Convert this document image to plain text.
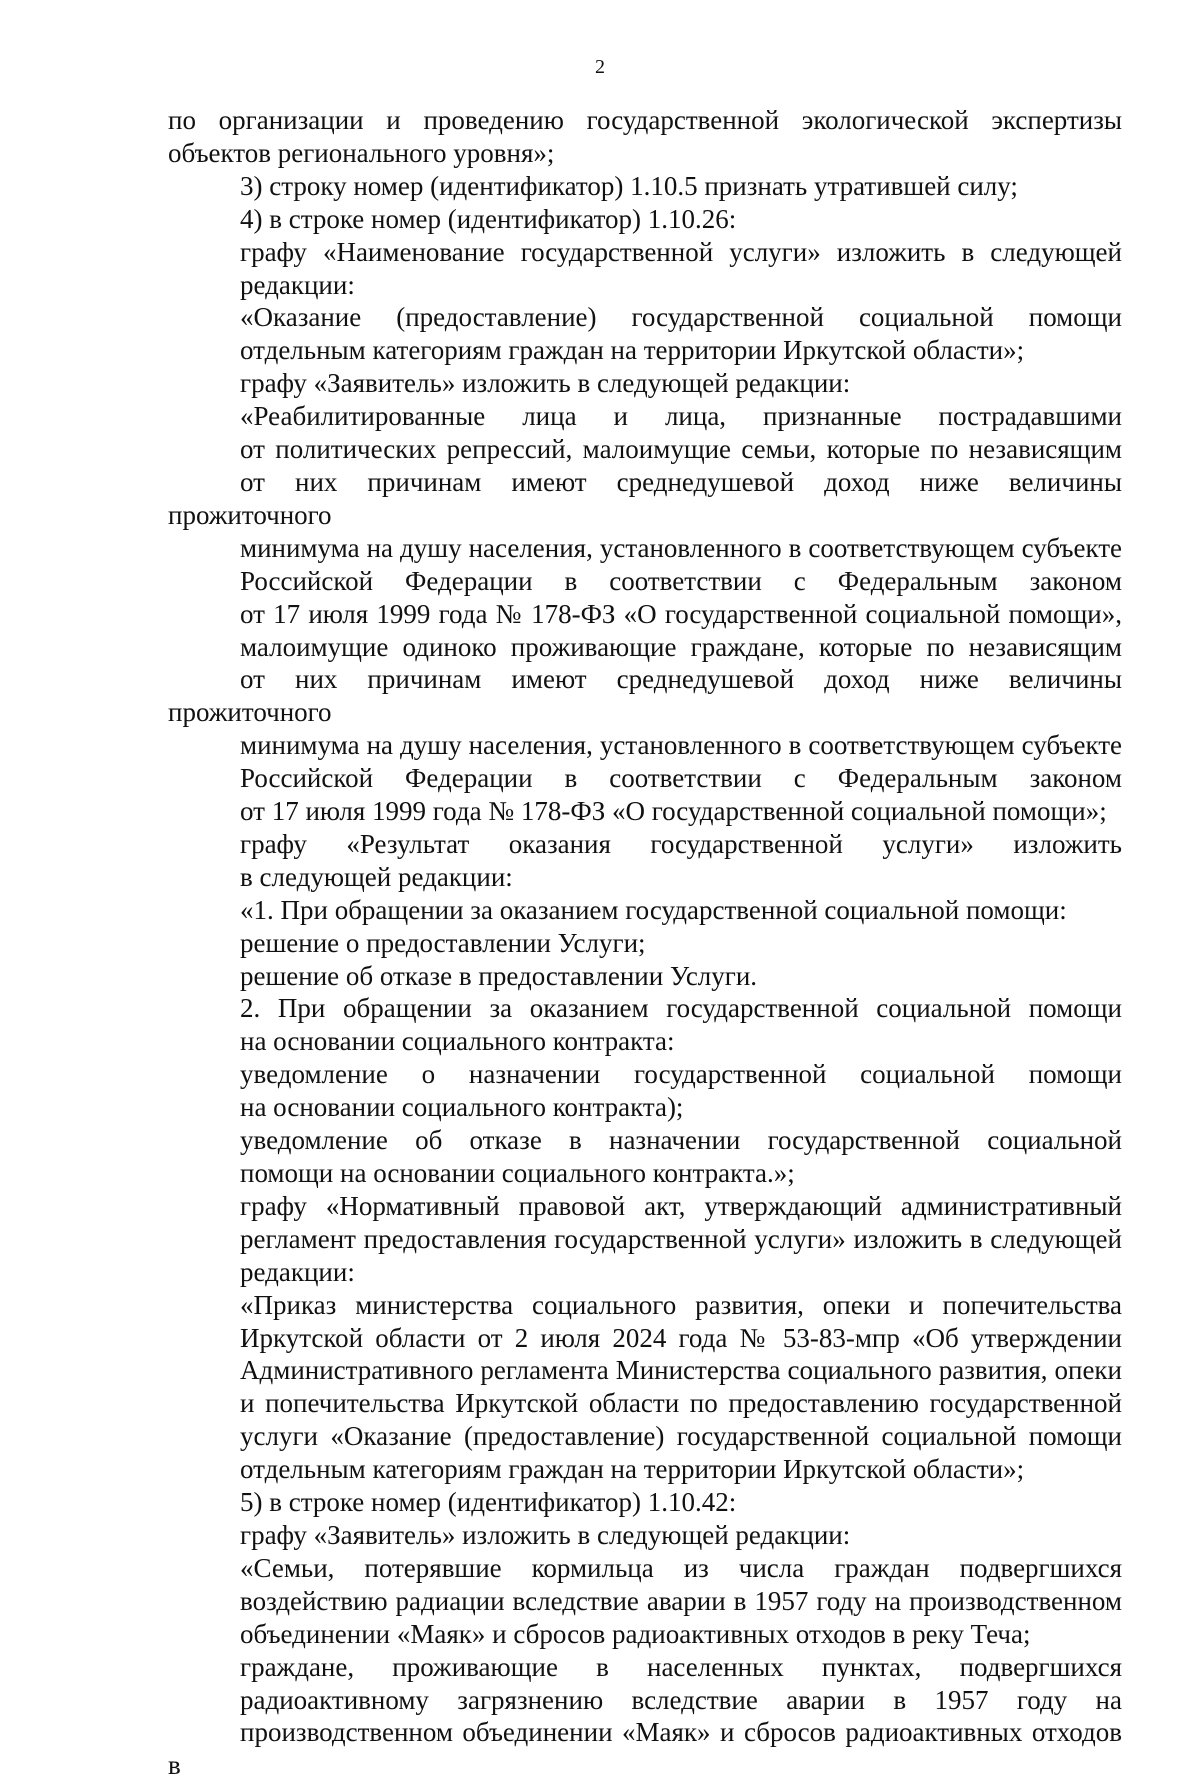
2

по организации и проведению государственной экологической экспертизы
объектов регионального уровня»;

3) строку номер (идентификатор) 1.10.5 признать утратившей силу;

4) в строке номер (идентификатор) 1.10.26:

графу «Наименование государственной услуги» изложить в следующей
редакции:

«Оказание (предоставление) государственной социальной помощи
отдельным категориям граждан на территории Иркутской области»;

графу «Заявитель» изложить в следующей редакции:

«Реабилитированные лица и лица, признанные пострадавшими
от политических репрессий, малоимущие семьи, которые по независящим
от них причинам имеют среднедушевой доход ниже величины прожиточного
минимума на душу населения, установленного в соответствующем субъекте
Российской Федерации в соответствии с Федеральным законом
от 17 июля 1999 года № 178-ФЗ «О государственной социальной помощи»,
малоимущие одиноко проживающие граждане, которые по независящим
от них причинам имеют среднедушевой доход ниже величины прожиточного
минимума на душу населения, установленного в соответствующем субъекте
Российской Федерации в соответствии с Федеральным законом
от 17 июля 1999 года № 178-ФЗ «О государственной социальной помощи»;

графу «Результат оказания государственной услуги» изложить
в следующей редакции:

«1. При обращении за оказанием государственной социальной помощи:

решение о предоставлении Услуги;

решение об отказе в предоставлении Услуги.

2. При обращении за оказанием государственной социальной помощи
на основании социального контракта:

уведомление о назначении государственной социальной помощи
на основании социального контракта);

уведомление об отказе в назначении государственной социальной
помощи на основании социального контракта.»;

графу «Нормативный правовой акт, утверждающий административный
регламент предоставления государственной услуги» изложить в следующей
редакции:

«Приказ министерства социального развития, опеки и попечительства
Иркутской области от 2 июля 2024 года № 53-83-мпр «Об утверждении
Административного регламента Министерства социального развития, опеки
и попечительства Иркутской области по предоставлению государственной
услуги «Оказание (предоставление) государственной социальной помощи
отдельным категориям граждан на территории Иркутской области»;

5) в строке номер (идентификатор) 1.10.42:

графу «Заявитель» изложить в следующей редакции:

«Семьи, потерявшие кормильца из числа граждан подвергшихся
воздействию радиации вследствие аварии в 1957 году на производственном
объединении «Маяк» и сбросов радиоактивных отходов в реку Теча;

граждане, проживающие в населенных пунктах, подвергшихся
радиоактивному загрязнению вследствие аварии в 1957 году на
производственном объединении «Маяк» и сбросов радиоактивных отходов в
